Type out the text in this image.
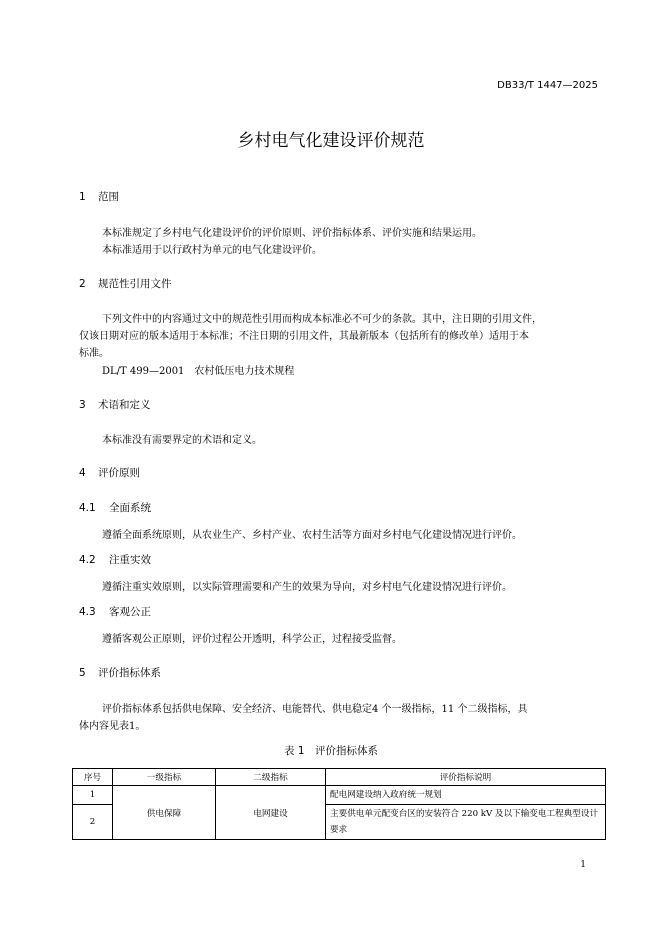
DB33/T 1447—2025
乡村电气化建设评价规范
1 范围
本标准规定了乡村电气化建设评价的评价原则、评价指标体系、评价实施和结果运用。
本标准适用于以行政村为单元的电气化建设评价。
2 规范性引用文件
下列文件中的内容通过文中的规范性引用而构成本标准必不可少的条款。其中，注日期的引用文件，
仅该日期对应的版本适用于本标准；不注日期的引用文件，其最新版本（包括所有的修改单）适用于本
标准。
DL/T 499—2001 农村低压电力技术规程
3 术语和定义
本标准没有需要界定的术语和定义。
4 评价原则
4.1 全面系统
遵循全面系统原则，从农业生产、乡村产业、农村生活等方面对乡村电气化建设情况进行评价。
4.2 注重实效
遵循注重实效原则，以实际管理需要和产生的效果为导向，对乡村电气化建设情况进行评价。
4.3 客观公正
遵循客观公正原则，评价过程公开透明，科学公正，过程接受监督。
5 评价指标体系
评价指标体系包括供电保障、安全经济、电能替代、供电稳定4 个一级指标，11 个二级指标，具
体内容见表1。
表 1　评价指标体系
序号	一级指标	二级指标	评价指标说明
1	供电保障	电网建设	配电网建设纳入政府统一规划
2			主要供电单元配变台区的安装符合 220 kV 及以下输变电工程典型设计要求
1
